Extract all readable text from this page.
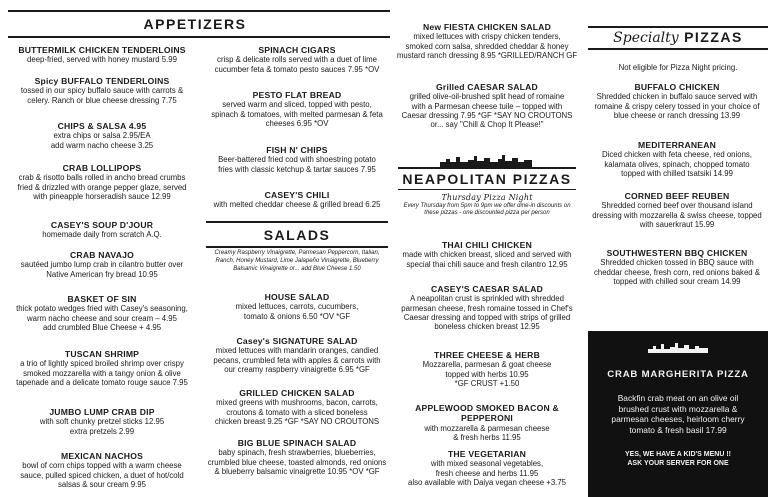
APPETIZERS
BUTTERMILK CHICKEN TENDERLOINS
deep-fried, served with honey mustard 5.99
Spicy BUFFALO TENDERLOINS
tossed in our spicy buffalo sauce with carrots &
celery. Ranch or blue cheese dressing 7.75
CHIPS & SALSA 4.95
extra chips or salsa 2.95/EA
add warm nacho cheese 3.25
CRAB LOLLIPOPS
crab & risotto balls rolled in ancho bread crumbs
fried & drizzled with orange pepper glaze, served
with pineapple horseradish sauce 12.99
CASEY'S SOUP D'JOUR
homemade daily from scratch A.Q.
CRAB NAVAJO
sautéed jumbo lump crab in cilantro butter over
Native American fry bread 10.95
BASKET OF SIN
thick potato wedges fried with Casey's seasoning,
warm nacho cheese and sour cream – 4.95
add crumbled Blue Cheese + 4.95
TUSCAN SHRIMP
a trio of lightly spiced broiled shrimp over crispy
smoked mozzarella with a tangy onion & olive
tapenade and a delicate tomato rouge sauce 7.95
JUMBO LUMP CRAB DIP
with soft chunky pretzel sticks 12.95
extra pretzels 2.99
MEXICAN NACHOS
bowl of corn chips topped with a warm cheese
sauce, pulled spiced chicken, a duet of hot/cold
salsas & sour cream 9.95
SPINACH CIGARS
crisp & delicate rolls served with a duet of lime
cucumber feta & tomato pesto sauces 7.95 *OV
PESTO FLAT BREAD
served warm and sliced, topped with pesto,
spinach & tomatoes, with melted parmesan & feta
cheeses 6.95 *OV
FISH N' CHIPS
Beer-battered fried cod with shoestring potato
fries with classic ketchup & tartar sauces 7.95
CASEY'S CHILI
with melted cheddar cheese & grilled bread 6.25
SALADS
Creamy Raspberry Vinaigrette, Parmesan Peppercorn, Italian,
Ranch, Honey Mustard, Lime Jalapeño Vinaigrette, Blueberry
Balsamic Vinaigrette or... add Blue Cheese 1.50
HOUSE SALAD
mixed lettuces, carrots, cucumbers,
tomato & onions 6.50 *OV *GF
Casey's SIGNATURE SALAD
mixed lettuces with mandarin oranges, candied
pecans, crumbled feta with apples & carrots with
our creamy raspberry vinaigrette 6.95 *GF
GRILLED CHICKEN SALAD
mixed greens with mushrooms, bacon, carrots,
croutons & tomato with a sliced boneless
chicken breast 9.25 *GF *SAY NO CROUTONS
BIG BLUE SPINACH SALAD
baby spinach, fresh strawberries, blueberries,
crumbled blue cheese, toasted almonds, red onions
& blueberry balsamic vinaigrette 10.95 *OV *GF
New FIESTA CHICKEN SALAD
mixed lettuces with crispy chicken tenders,
smoked corn salsa, shredded cheddar & honey
mustard ranch dressing 8.95 *GRILLED/RANCH GF
Grilled CAESAR SALAD
grilled olive-oil-brushed split head of romaine
with a Parmesan cheese tuile – topped with
Caesar dressing 7.95 *GF *SAY NO CROUTONS
or... say "Chill & Chop It Please!"
NEAPOLITAN PIZZAS
Thursday Pizza Night
Every Thursday from 5pm to 9pm we offer dine-in discounts on
these pizzas - one discounted pizza per person
THAI CHILI CHICKEN
made with chicken breast, sliced and served with
special thai chili sauce and fresh cilantro 12.95
CASEY'S CAESAR SALAD
A neapolitan crust is sprinkled with shredded
parmesan cheese, fresh romaine tossed in Chef's
Caesar dressing and topped with strips of grilled
boneless chicken breast 12.95
THREE CHEESE & HERB
Mozzarella, parmesan & goat cheese
topped with herbs 10.95
*GF CRUST +1.50
APPLEWOOD SMOKED BACON & PEPPERONI
with mozzarella & parmesan cheese
& fresh herbs 11.95
THE VEGETARIAN
with mixed seasonal vegetables,
fresh cheese and herbs 11.95
also available with Daiya vegan cheese +3.75
Specialty PIZZAS
Not eligible for Pizza Night pricing.
BUFFALO CHICKEN
Shredded chicken in buffalo sauce served with
romaine & crispy celery tossed in your choice of
blue cheese or ranch dressing 13.99
MEDITERRANEAN
Diced chicken with feta cheese, red onions,
kalamata olives, spinach, chopped tomato
topped with chilled tsatsiki 14.99
CORNED BEEF REUBEN
Shredded corned beef over thousand island
dressing with mozzarella & swiss cheese, topped
with sauerkraut 15.99
SOUTHWESTERN BBQ CHICKEN
Shredded chicken tossed in BBQ sauce with
cheddar cheese, fresh corn, red onions baked &
topped with chilled sour cream 14.99
CRAB MARGHERITA PIZZA
Backfin crab meat on an olive oil
brushed crust with mozzarella &
parmesan cheeses, heirloom cherry
tomato & fresh basil 17.99
YES, WE HAVE A KID'S MENU !!
ASK YOUR SERVER FOR ONE
